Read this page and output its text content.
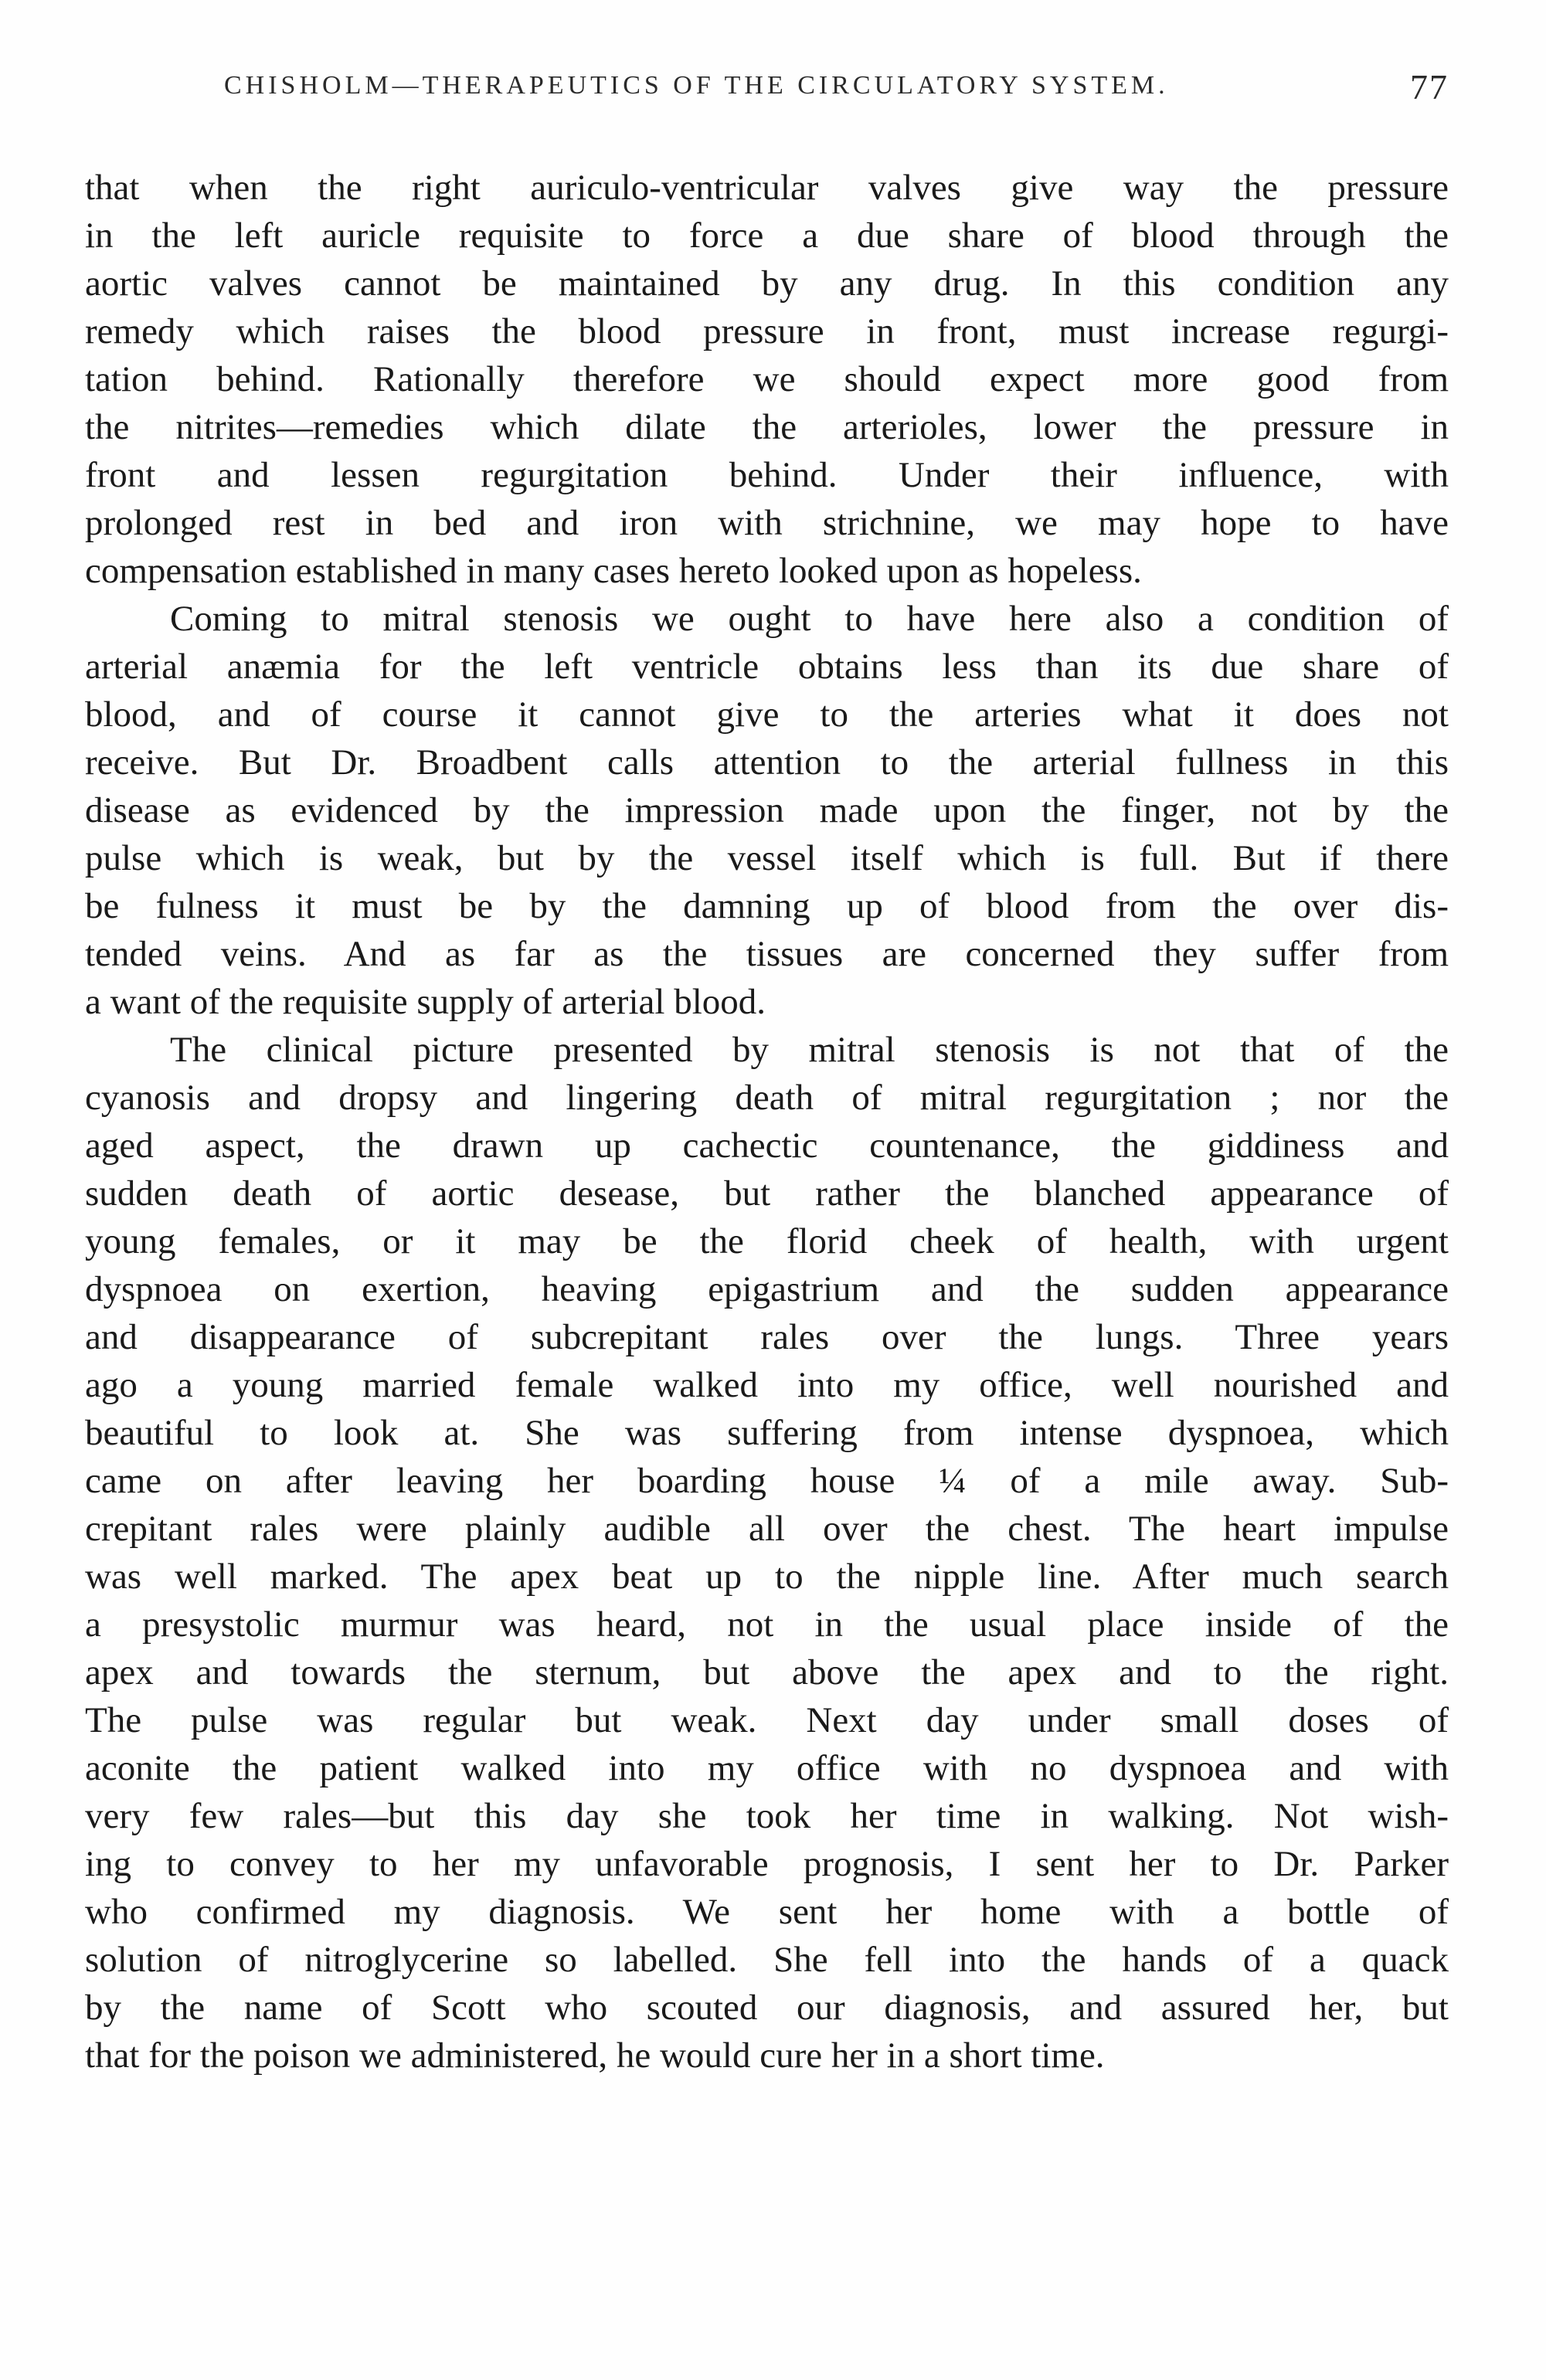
CHISHOLM—THERAPEUTICS OF THE CIRCULATORY SYSTEM.	77
that when the right auriculo-ventricular valves give way the pressure
in the left auricle requisite to force a due share of blood through the
aortic valves cannot be maintained by any drug. In this condition any
remedy which raises the blood pressure in front, must increase regurgi-
tation behind. Rationally therefore we should expect more good from
the nitrites—remedies which dilate the arterioles, lower the pressure in
front and lessen regurgitation behind. Under their influence, with
prolonged rest in bed and iron with strichnine, we may hope to have
compensation established in many cases hereto looked upon as hopeless.
Coming to mitral stenosis we ought to have here also a condition of
arterial anæmia for the left ventricle obtains less than its due share of
blood, and of course it cannot give to the arteries what it does not
receive. But Dr. Broadbent calls attention to the arterial fullness in this
disease as evidenced by the impression made upon the finger, not by the
pulse which is weak, but by the vessel itself which is full. But if there
be fulness it must be by the damning up of blood from the over dis-
tended veins. And as far as the tissues are concerned they suffer from
a want of the requisite supply of arterial blood.
The clinical picture presented by mitral stenosis is not that of the
cyanosis and dropsy and lingering death of mitral regurgitation ; nor the
aged aspect, the drawn up cachectic countenance, the giddiness and
sudden death of aortic desease, but rather the blanched appearance of
young females, or it may be the florid cheek of health, with urgent
dyspnoea on exertion, heaving epigastrium and the sudden appearance
and disappearance of subcrepitant rales over the lungs. Three years
ago a young married female walked into my office, well nourished and
beautiful to look at. She was suffering from intense dyspnoea, which
came on after leaving her boarding house ¼ of a mile away. Sub-
crepitant rales were plainly audible all over the chest. The heart impulse
was well marked. The apex beat up to the nipple line. After much search
a presystolic murmur was heard, not in the usual place inside of the
apex and towards the sternum, but above the apex and to the right.
The pulse was regular but weak. Next day under small doses of
aconite the patient walked into my office with no dyspnoea and with
very few rales—but this day she took her time in walking. Not wish-
ing to convey to her my unfavorable prognosis, I sent her to Dr. Parker
who confirmed my diagnosis. We sent her home with a bottle of
solution of nitroglycerine so labelled. She fell into the hands of a quack
by the name of Scott who scouted our diagnosis, and assured her, but
that for the poison we administered, he would cure her in a short time.
